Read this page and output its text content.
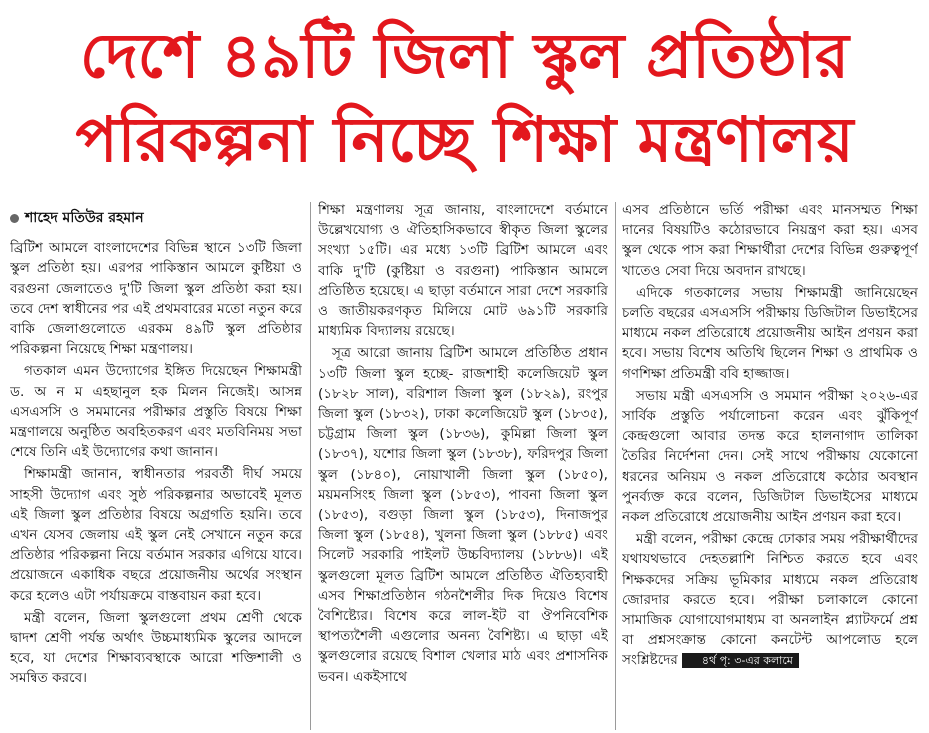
দেশে ৪৯টি জিলা স্কুল প্রতিষ্ঠার
পরিকল্পনা নিচ্ছে শিক্ষা মন্ত্রণালয়
শাহেদ মতিউর রহমান

ব্রিটিশ আমলে বাংলাদেশের বিভিন্ন স্থানে ১৩টি জিলা স্কুল প্রতিষ্ঠা হয়। এরপর পাকিস্তান আমলে কুষ্টিয়া ও বরগুনা জেলাতেও দু'টি জিলা স্কুল প্রতিষ্ঠা করা হয়। তবে দেশ স্বাধীনের পর এই প্রথমবারের মতো নতুন করে বাকি জেলাগুলোতে এরকম ৪৯টি স্কুল প্রতিষ্ঠার পরিকল্পনা নিয়েছে শিক্ষা মন্ত্রণালয়।

গতকাল এমন উদ্যোগের ইঙ্গিত দিয়েছেন শিক্ষামন্ত্রী ড. অ ন ম এহছানুল হক মিলন নিজেই। আসন্ন এসএসসি ও সমমানের পরীক্ষার প্রস্তুতি বিষয়ে শিক্ষা মন্ত্রণালয়ে অনুষ্ঠিত অবহিতকরণ এবং মতবিনিময় সভা শেষে তিনি এই উদ্যোগের কথা জানান।

শিক্ষামন্ত্রী জানান, স্বাধীনতার পরবর্তী দীর্ঘ সময়ে সাহসী উদ্যোগ এবং সুষ্ঠ পরিকল্পনার অভাবেই মূলত এই জিলা স্কুল প্রতিষ্ঠার বিষয়ে অগ্রগতি হয়নি। তবে এখন যেসব জেলায় এই স্কুল নেই সেখানে নতুন করে প্রতিষ্ঠার পরিকল্পনা নিয়ে বর্তমান সরকার এগিয়ে যাবে। প্রয়োজনে একাধিক বছরে প্রয়োজনীয় অর্থের সংস্থান করে হলেও এটা পর্যায়ক্রমে বাস্তবায়ন করা হবে।

মন্ত্রী বলেন, জিলা স্কুলগুলো প্রথম শ্রেণী থেকে দ্বাদশ শ্রেণী পর্যন্ত অর্থাৎ উচ্চমাধ্যমিক স্কুলের আদলে হবে, যা দেশের শিক্ষাব্যবস্থাকে আরো শক্তিশালী ও সমন্বিত করবে।

শিক্ষা মন্ত্রণালয় সূত্র জানায়, বাংলাদেশে বর্তমানে উল্লেখযোগ্য ও ঐতিহাসিকভাবে স্বীকৃত জিলা স্কুলের সংখ্যা ১৫টি। এর মধ্যে ১৩টি ব্রিটিশ আমলে এবং বাকি দু'টি (কুষ্টিয়া ও বরগুনা) পাকিস্তান আমলে প্রতিষ্ঠিত হয়েছে। এ ছাড়া বর্তমানে সারা দেশে সরকারি ও জাতীয়করণকৃত মিলিয়ে মোট ৬৯১টি সরকারি মাধ্যমিক বিদ্যালয় রয়েছে।

সূত্র আরো জানায় ব্রিটিশ আমলে প্রতিষ্ঠিত প্রধান ১৩টি জিলা স্কুল হচ্ছে- রাজশাহী কলেজিয়েট স্কুল (১৮২৮ সাল), বরিশাল জিলা স্কুল (১৮২৯), রংপুর জিলা স্কুল (১৮৩২), ঢাকা কলেজিয়েট স্কুল (১৮৩৫), চট্টগ্রাম জিলা স্কুল (১৮৩৬), কুমিল্লা জিলা স্কুল (১৮৩৭), যশোর জিলা স্কুল (১৮৩৮), ফরিদপুর জিলা স্কুল (১৮৪০), নোয়াখালী জিলা স্কুল (১৮৫০), ময়মনসিংহ জিলা স্কুল (১৮৫৩), পাবনা জিলা স্কুল (১৮৫৩), বগুড়া জিলা স্কুল (১৮৫৩), দিনাজপুর জিলা স্কুল (১৮৫৪), খুলনা জিলা স্কুল (১৮৮৫) এবং সিলেট সরকারি পাইলট উচ্চবিদ্যালয় (১৮৮৬)। এই স্কুলগুলো মূলত ব্রিটিশ আমলে প্রতিষ্ঠিত ঐতিহ্যবাহী এসব শিক্ষাপ্রতিষ্ঠান গঠনশৈলীর দিক দিয়েও বিশেষ বৈশিষ্ট্যের। বিশেষ করে লাল-ইট বা ঔপনিবেশিক স্থাপত্যশৈলী এগুলোর অনন্য বৈশিষ্ট্য। এ ছাড়া এই স্কুলগুলোর রয়েছে বিশাল খেলার মাঠ এবং প্রশাসনিক ভবন। একইসাথে

এসব প্রতিষ্ঠানে ভর্তি পরীক্ষা এবং মানসম্মত শিক্ষা দানের বিষয়টিও কঠোরভাবে নিয়ন্ত্রণ করা হয়। এসব স্কুল থেকে পাস করা শিক্ষার্থীরা দেশের বিভিন্ন গুরুত্বপূর্ণ খাতেও সেবা দিয়ে অবদান রাখছে।

এদিকে গতকালের সভায় শিক্ষামন্ত্রী জানিয়েছেন চলতি বছরের এসএসসি পরীক্ষায় ডিজিটাল ডিভাইসের মাধ্যমে নকল প্রতিরোধে প্রয়োজনীয় আইন প্রণয়ন করা হবে। সভায় বিশেষ অতিথি ছিলেন শিক্ষা ও প্রাথমিক ও গণশিক্ষা প্রতিমন্ত্রী ববি হাজ্জাজ।

সভায় মন্ত্রী এসএসসি ও সমমান পরীক্ষা ২০২৬-এর সার্বিক প্রস্তুতি পর্যালোচনা করেন এবং ঝুঁকিপূর্ণ কেন্দ্রগুলো আবার তদন্ত করে হালনাগাদ তালিকা তৈরির নির্দেশনা দেন। সেই সাথে পরীক্ষায় যেকোনো ধরনের অনিয়ম ও নকল প্রতিরোধে কঠোর অবস্থান পুনর্ব্যক্ত করে বলেন, ডিজিটাল ডিভাইসের মাধ্যমে নকল প্রতিরোধে প্রয়োজনীয় আইন প্রণয়ন করা হবে।

মন্ত্রী বলেন, পরীক্ষা কেন্দ্রে ঢোকার সময় পরীক্ষার্থীদের যথাযথভাবে দেহতল্লাশি নিশ্চিত করতে হবে এবং শিক্ষকদের সক্রিয় ভূমিকার মাধ্যমে নকল প্রতিরোধ জোরদার করতে হবে। পরীক্ষা চলাকালে কোনো সামাজিক যোগাযোগমাধ্যম বা অনলাইন প্ল্যাটফর্মে প্রশ্ন বা প্রশ্নসংক্রান্ত কোনো কনটেন্ট আপলোড হলে সংশ্লিষ্টদের ৪র্থ পৃ: ৩-এর কলামে
